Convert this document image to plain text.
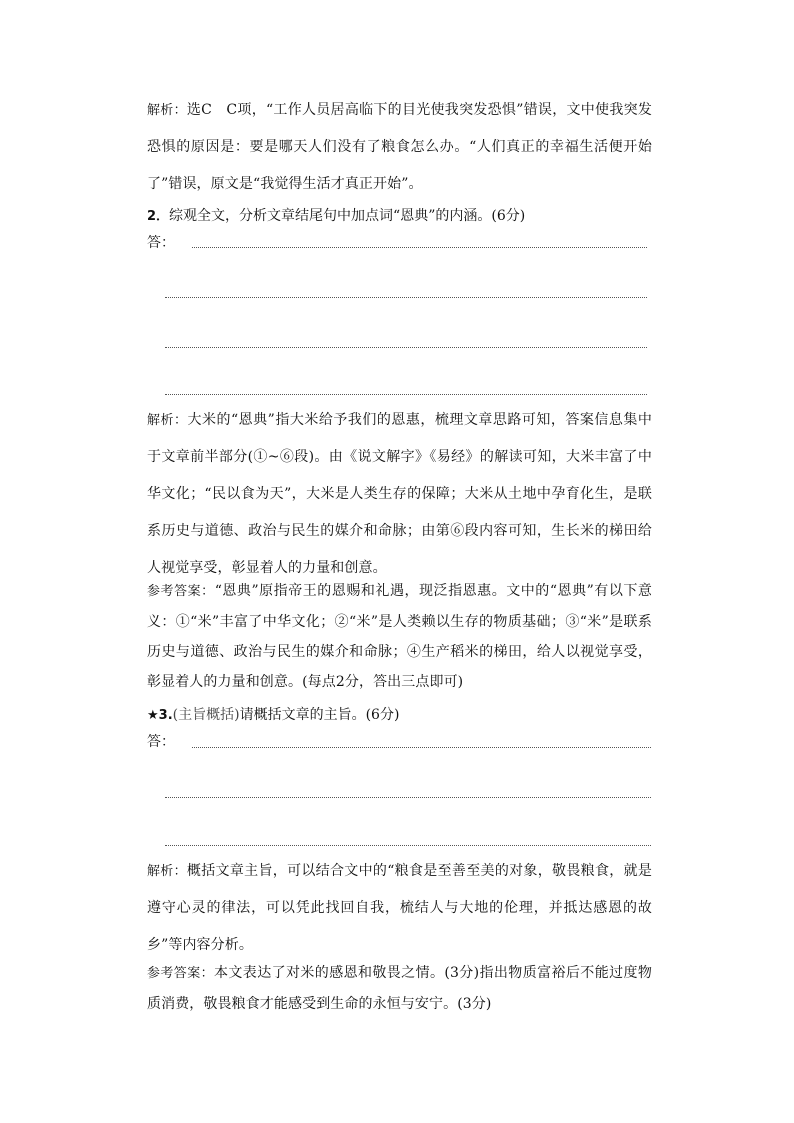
解析：选C　C项，“工作人员居高临下的目光使我突发恐惧”错误，文中使我突发恐惧的原因是：要是哪天人们没有了粮食怎么办。“人们真正的幸福生活便开始了”错误，原文是“我觉得生活才真正开始”。
2．综观全文，分析文章结尾句中加点词“恩典”的内涵。(6分)
答：
解析：大米的“恩典”指大米给予我们的恩惠，梳理文章思路可知，答案信息集中于文章前半部分(①~⑥段)。由《说文解字》《易经》的解读可知，大米丰富了中华文化；“民以食为天”，大米是人类生存的保障；大米从土地中孕育化生，是联系历史与道德、政治与民生的媒介和命脉；由第⑥段内容可知，生长米的梯田给人视觉享受，彰显着人的力量和创意。
参考答案：“恩典”原指帝王的恩赐和礼遇，现泛指恩惠。文中的“恩典”有以下意义：①“米”丰富了中华文化；②“米”是人类赖以生存的物质基础；③“米”是联系历史与道德、政治与民生的媒介和命脉；④生产稻米的梯田，给人以视觉享受，彰显着人的力量和创意。(每点2分，答出三点即可)
★3.(主旨概括)请概括文章的主旨。(6分)
答：
解析：概括文章主旨，可以结合文中的“粮食是至善至美的对象，敬畏粮食，就是遵守心灵的律法，可以凭此找回自我，梳结人与大地的伦理，并抵达感恩的故乡”等内容分析。
参考答案：本文表达了对米的感恩和敬畏之情。(3分)指出物质富裕后不能过度物质消费，敬畏粮食才能感受到生命的永恒与安宁。(3分)
